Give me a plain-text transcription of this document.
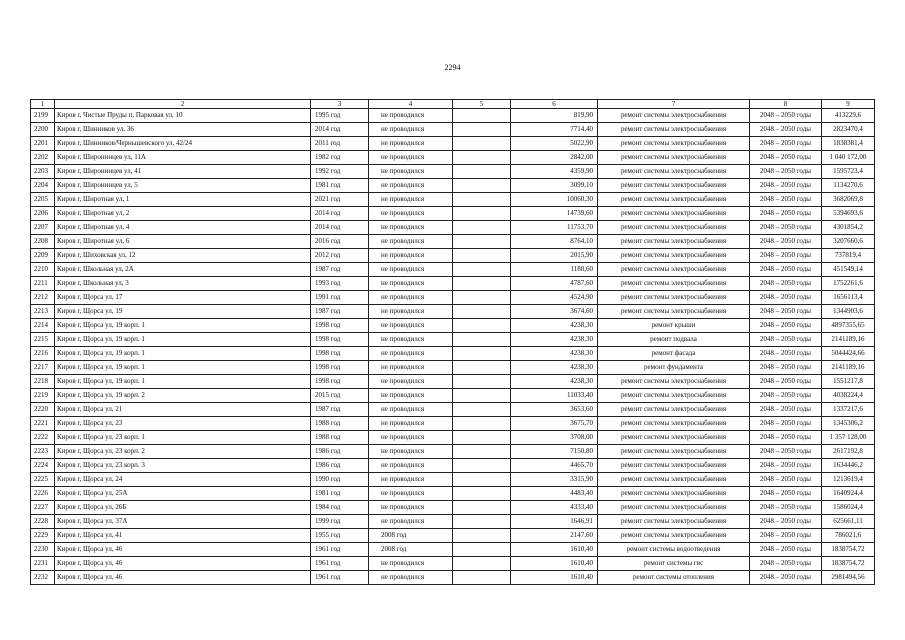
2294
1	2	3	4	5	6	7	8	9
2199	Киров г, Чистые Пруды п, Парковая ул, 10	1995 год	не проводился		819,90	ремонт системы электроснабжения	2048 – 2050 годы	413229,6
2200	Киров г, Шинников ул, 36	2014 год	не проводился		7714,40	ремонт системы электроснабжения	2048 – 2050 годы	2823470,4
2201	Киров г, Шинников/Чернышевского ул, 42/24	2011 год	не проводился		5022,90	ремонт системы электроснабжения	2048 – 2050 годы	1838381,4
2202	Киров г, Широнинцев ул, 11А	1982 год	не проводился		2842,00	ремонт системы электроснабжения	2048 – 2050 годы	1 040 172,00
2203	Киров г, Широнинцев ул, 41	1992 год	не проводился		4359,90	ремонт системы электроснабжения	2048 – 2050 годы	1595723,4
2204	Киров г, Широнинцев ул, 5	1981 год	не проводился		3099,10	ремонт системы электроснабжения	2048 – 2050 годы	1134270,6
2205	Киров г, Широтная ул, 1	2021 год	не проводился		10060,30	ремонт системы электроснабжения	2048 – 2050 годы	3682069,8
2206	Киров г, Широтная ул, 2	2014 год	не проводился		14739,60	ремонт системы электроснабжения	2048 – 2050 годы	5394693,6
2207	Киров г, Широтная ул, 4	2014 год	не проводился		11753,70	ремонт системы электроснабжения	2048 – 2050 годы	4301854,2
2208	Киров г, Широтная ул, 6	2016 год	не проводился		8764,10	ремонт системы электроснабжения	2048 – 2050 годы	3207660,6
2209	Киров г, Шиховская ул, 12	2012 год	не проводился		2015,90	ремонт системы электроснабжения	2048 – 2050 годы	737819,4
2210	Киров г, Школьная ул, 2А	1987 год	не проводился		1188,60	ремонт системы электроснабжения	2048 – 2050 годы	451549,14
2211	Киров г, Школьная ул, 3	1993 год	не проводился		4787,60	ремонт системы электроснабжения	2048 – 2050 годы	1752261,6
2212	Киров г, Щорса ул, 17	1991 год	не проводился		4524,90	ремонт системы электроснабжения	2048 – 2050 годы	1656113,4
2213	Киров г, Щорса ул, 19	1987 год	не проводился		3674,60	ремонт системы электроснабжения	2048 – 2050 годы	1344903,6
2214	Киров г, Щорса ул, 19 корп. 1	1998 год	не проводился		4238,30	ремонт крыши	2048 – 2050 годы	4897355,65
2215	Киров г, Щорса ул, 19 корп. 1	1998 год	не проводился		4238,30	ремонт подвала	2048 – 2050 годы	2141189,16
2216	Киров г, Щорса ул, 19 корп. 1	1998 год	не проводился		4238,30	ремонт фасада	2048 – 2050 годы	5044424,66
2217	Киров г, Щорса ул, 19 корп. 1	1998 год	не проводился		4238,30	ремонт фундамента	2048 – 2050 годы	2141189,16
2218	Киров г, Щорса ул, 19 корп. 1	1998 год	не проводился		4238,30	ремонт системы электроснабжения	2048 – 2050 годы	1551217,8
2219	Киров г, Щорса ул, 19 корп. 2	2015 год	не проводился		11033,40	ремонт системы электроснабжения	2048 – 2050 годы	4038224,4
2220	Киров г, Щорса ул, 21	1987 год	не проводился		3653,60	ремонт системы электроснабжения	2048 – 2050 годы	1337217,6
2221	Киров г, Щорса ул, 23	1988 год	не проводился		3675,70	ремонт системы электроснабжения	2048 – 2050 годы	1345306,2
2222	Киров г, Щорса ул, 23 корп. 1	1988 год	не проводился		3708,00	ремонт системы электроснабжения	2048 – 2050 годы	1 357 128,00
2223	Киров г, Щорса ул, 23 корп. 2	1986 год	не проводился		7150,80	ремонт системы электроснабжения	2048 – 2050 годы	2617192,8
2224	Киров г, Щорса ул, 23 корп. 3	1986 год	не проводился		4465,70	ремонт системы электроснабжения	2048 – 2050 годы	1634446,2
2225	Киров г, Щорса ул, 24	1990 год	не проводился		3315,90	ремонт системы электроснабжения	2048 – 2050 годы	1213619,4
2226	Киров г, Щорса ул, 25А	1981 год	не проводился		4483,40	ремонт системы электроснабжения	2048 – 2050 годы	1640924,4
2227	Киров г, Щорса ул, 26Б	1984 год	не проводился		4333,40	ремонт системы электроснабжения	2048 – 2050 годы	1586024,4
2228	Киров г, Щорса ул, 37А	1999 год	не проводился		1646,91	ремонт системы электроснабжения	2048 – 2050 годы	625661,11
2229	Киров г, Щорса ул, 41	1955 год	2008 год		2147,60	ремонт системы электроснабжения	2048 – 2050 годы	786021,6
2230	Киров г, Щорса ул, 46	1961 год	2008 год		1610,40	ремонт системы водоотведения	2048 – 2050 годы	1838754,72
2231	Киров г, Щорса ул, 46	1961 год	не проводился		1610,40	ремонт системы гвс	2048 – 2050 годы	1838754,72
2232	Киров г, Щорса ул, 46	1961 год	не проводился		1610,40	ремонт системы отопления	2048 – 2050 годы	2981494,56
